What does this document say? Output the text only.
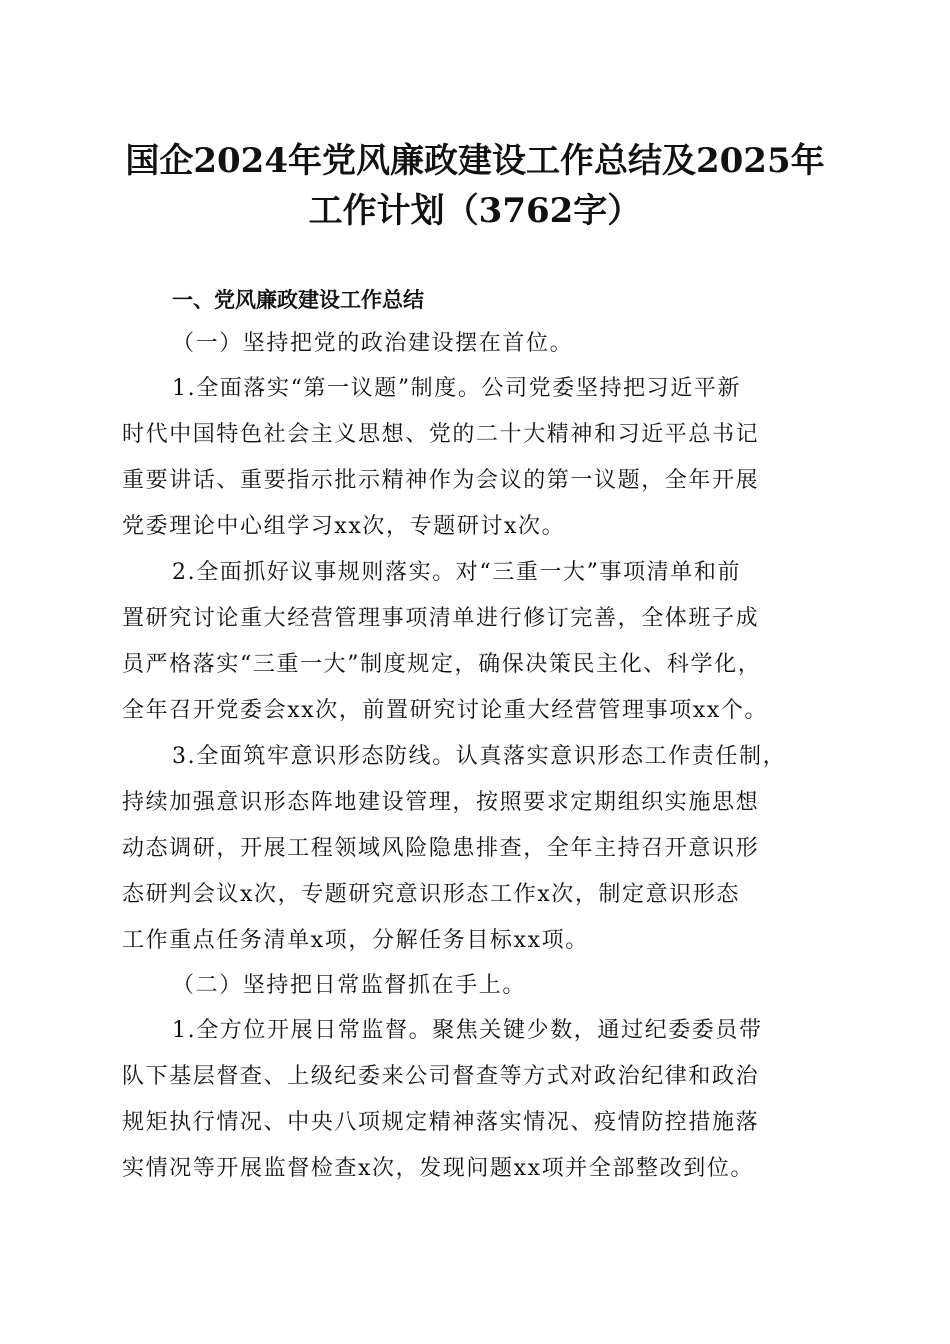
国企2024年党风廉政建设工作总结及2025年
工作计划（3762字）

一、党风廉政建设工作总结

（一）坚持把党的政治建设摆在首位。

1.全面落实“第一议题”制度。公司党委坚持把习近平新
时代中国特色社会主义思想、党的二十大精神和习近平总书记
重要讲话、重要指示批示精神作为会议的第一议题，全年开展
党委理论中心组学习xx次，专题研讨x次。
2.全面抓好议事规则落实。对“三重一大”事项清单和前
置研究讨论重大经营管理事项清单进行修订完善，全体班子成
员严格落实“三重一大”制度规定，确保决策民主化、科学化，
全年召开党委会xx次，前置研究讨论重大经营管理事项xx个。
3.全面筑牢意识形态防线。认真落实意识形态工作责任制，
持续加强意识形态阵地建设管理，按照要求定期组织实施思想
动态调研，开展工程领域风险隐患排查，全年主持召开意识形
态研判会议x次，专题研究意识形态工作x次，制定意识形态
工作重点任务清单x项，分解任务目标xx项。

（二）坚持把日常监督抓在手上。

1.全方位开展日常监督。聚焦关键少数，通过纪委委员带
队下基层督查、上级纪委来公司督查等方式对政治纪律和政治
规矩执行情况、中央八项规定精神落实情况、疫情防控措施落
实情况等开展监督检查x次，发现问题xx项并全部整改到位。
